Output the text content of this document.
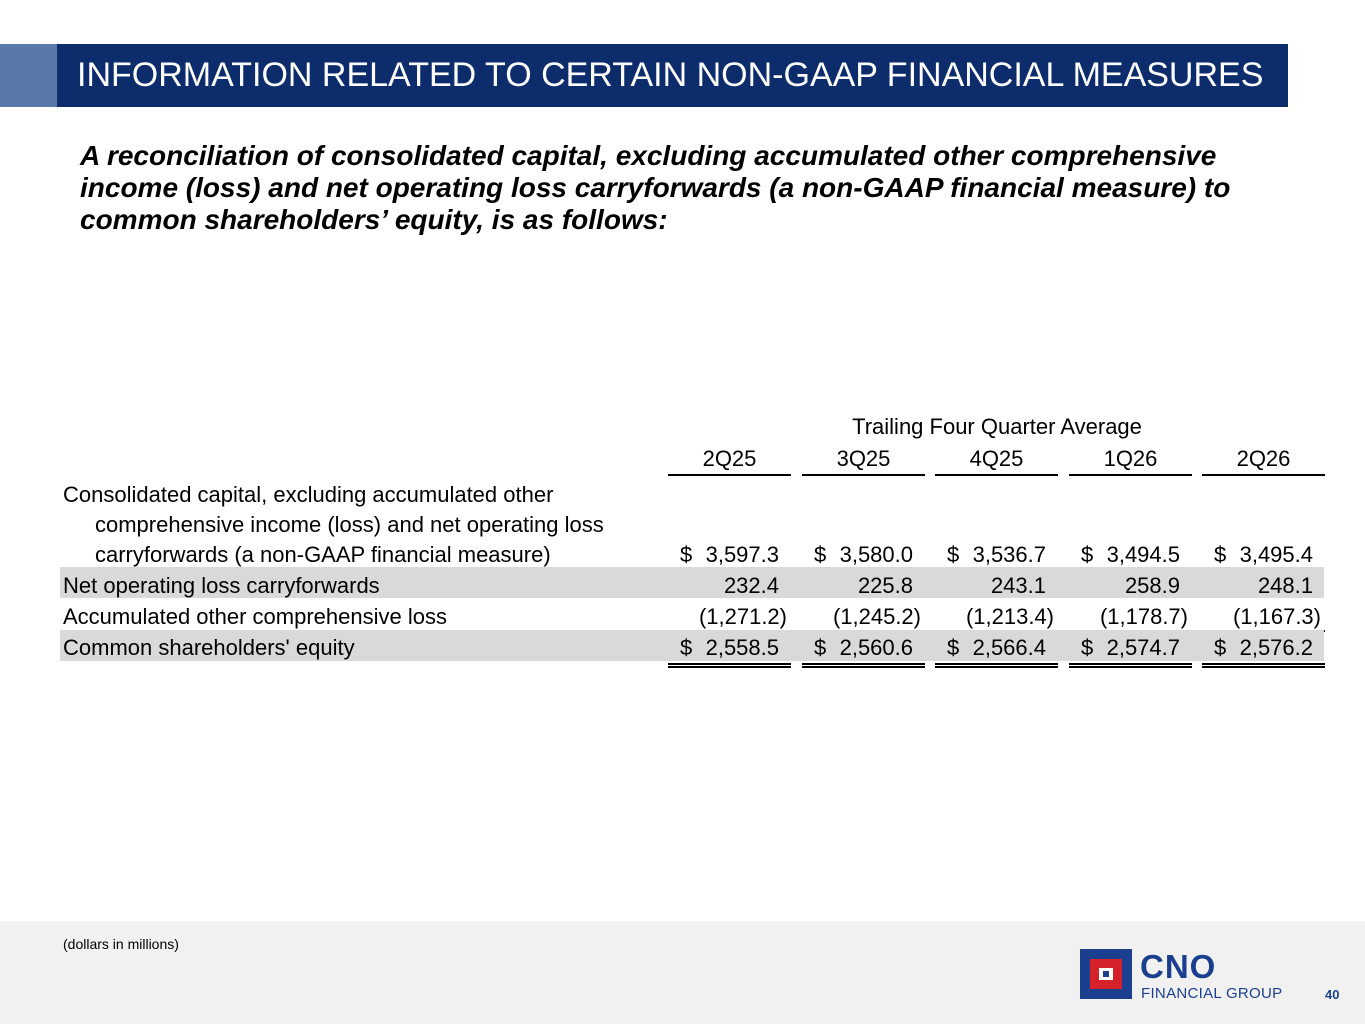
INFORMATION RELATED TO CERTAIN NON-GAAP FINANCIAL MEASURES
A reconciliation of consolidated capital, excluding accumulated other comprehensive income (loss) and net operating loss carryforwards (a non-GAAP financial measure) to common shareholders’ equity, is as follows:
Trailing Four Quarter Average
2Q25	3Q25	4Q25	1Q26	2Q26
Consolidated capital, excluding accumulated other
comprehensive income (loss) and net operating loss
carryforwards (a non-GAAP financial measure)	$ 3,597.3 $ 3,580.0 $ 3,536.7 $ 3,494.5 $ 3,495.4
Net operating loss carryforwards	232.4	225.8	243.1	258.9	248.1
Accumulated other comprehensive loss	(1,271.2) (1,245.2) (1,213.4) (1,178.7) (1,167.3)
Common shareholders' equity	$ 2,558.5 $ 2,560.6 $ 2,566.4 $ 2,574.7 $ 2,576.2
(dollars in millions)
CNO
FINANCIAL GROUP	40
